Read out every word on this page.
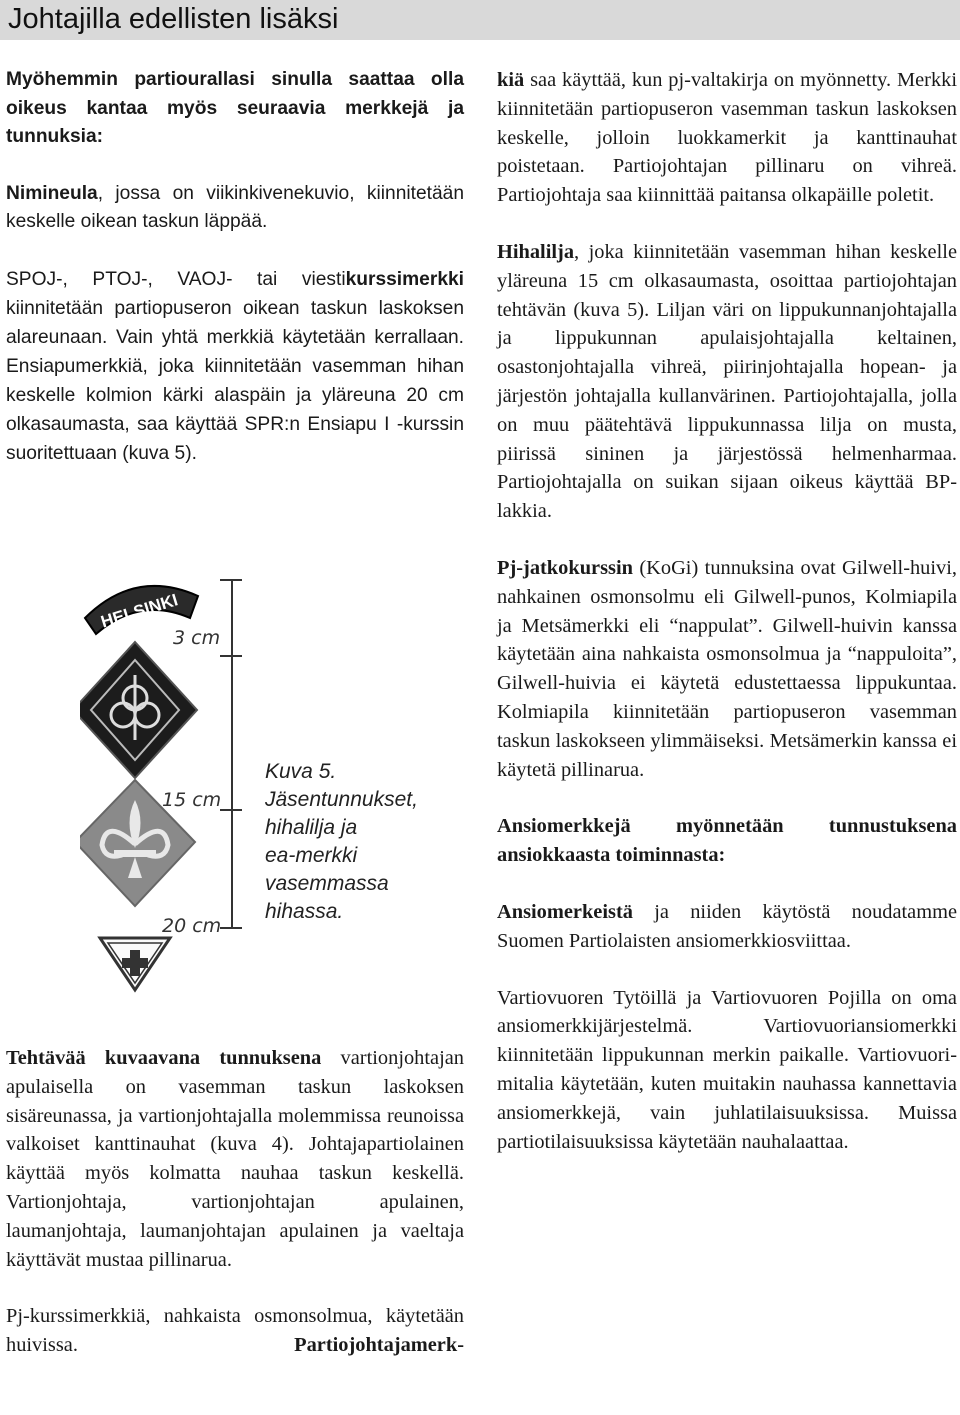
Johtajilla edellisten lisäksi

Myöhemmin partiourallasi sinulla saattaa olla oikeus kantaa myös seuraavia merkkejä ja tunnuksia:

Nimineula, jossa on viikinkivenekuvio, kiinnitetään keskelle oikean taskun läppää.

SPOJ-, PTOJ-, VAOJ- tai viestikurssimerkki kiinnitetään partiopuseron oikean taskun laskoksen alareunaan. Vain yhtä merkkiä käytetään kerrallaan. Ensiapumerkkiä, joka kiinnitetään vasemman hihan keskelle kolmion kärki alaspäin ja yläreuna 20 cm olkasaumasta, saa käyttää SPR:n Ensiapu I -kurssin suoritettuaan (kuva 5).

HELSINKI
3 cm
15 cm
20 cm

Kuva 5.

Jäsentunnukset,

hihalilja ja

ea-merkki

vasemmassa

hihassa.

Tehtävää kuvaavana tunnuksena vartionjohtajan apulaisella on vasemman taskun laskoksen sisäreunassa, ja vartionjohtajalla molemmissa reunoissa valkoiset kanttinauhat (kuva 4). Johtajapartiolainen käyttää myös kolmatta nauhaa taskun keskellä. Vartionjohtaja, vartionjohtajan apulainen, laumanjohtaja, laumanjohtajan apulainen ja vaeltaja käyttävät mustaa pillinarua.

Pj-kurssimerkkiä, nahkaista osmonsolmua, käytetään huivissa. Partiojohtajamerk-

kiä saa käyttää, kun pj-valtakirja on myönnetty. Merkki kiinnitetään partiopuseron vasemman taskun laskoksen keskelle, jolloin luokkamerkit ja kanttinauhat poistetaan. Partiojohtajan pillinaru on vihreä. Partiojohtaja saa kiinnittää paitansa olkapäille poletit.

Hihalilja, joka kiinnitetään vasemman hihan keskelle yläreuna 15 cm olkasaumasta, osoittaa partiojohtajan tehtävän (kuva 5). Liljan väri on lippukunnanjohtajalla ja lippukunnan apulaisjohtajalla keltainen, osastonjohtajalla vihreä, piirinjohtajalla hopean- ja järjestön johtajalla kullanvärinen. Partiojohtajalla, jolla on muu päätehtävä lippukunnassa lilja on musta, piirissä sininen ja järjestössä helmenharmaa. Partiojohtajalla on suikan sijaan oikeus käyttää BP-lakkia.

Pj-jatkokurssin (KoGi) tunnuksina ovat Gilwell-huivi, nahkainen osmonsolmu eli Gilwell-punos, Kolmiapila ja Metsämerkki eli “nappulat”. Gilwell-huivin kanssa käytetään aina nahkaista osmonsolmua ja “nappuloita”, Gilwell-huivia ei käytetä edustettaessa lippukuntaa. Kolmiapila kiinnitetään partiopuseron vasemman taskun laskokseen ylimmäiseksi. Metsämerkin kanssa ei käytetä pillinarua.

Ansiomerkkejä myönnetään tunnustuksena ansiokkaasta toiminnasta:

Ansiomerkeistä ja niiden käytöstä noudatamme Suomen Partiolaisten ansiomerkkiosviittaa.

Vartiovuoren Tytöillä ja Vartiovuoren Pojilla on oma ansiomerkkijärjestelmä. Vartiovuoriansiomerkki kiinnitetään lippukunnan merkin paikalle. Vartiovuori-mitalia käytetään, kuten muitakin nauhassa kannettavia ansiomerkkejä, vain juhlatilaisuuksissa. Muissa partiotilaisuuksissa käytetään nauhalaattaa.
